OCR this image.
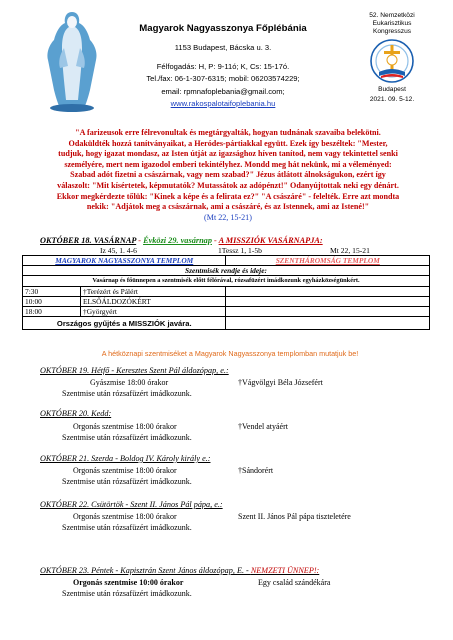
Magyarok Nagyasszonya Főplébánia
1153 Budapest, Bácska u. 3.
Félfogadás: H, P: 9-11ó; K, Cs: 15-17ó.
Tel./fax: 06-1-307-6315; mobil: 06203574229;
email: rpmnafoplebania@gmail.com;
www.rakospalotaifoplebania.hu
52. Nemzetközi
Eukarisztikus
Kongresszus
Budapest
2021. 09. 5-12.
"A farizeusok erre félrevonultak és megtárgyalták, hogyan tudnának szavaiba belekötni. Odaküldték hozzá tanítványaikat, a Heródes-pártiakkal együtt. Ezek így beszéltek: "Mester, tudjuk, hogy igazat mondasz, az Isten útját az igazsághoz híven tanítod, nem vagy tekintettel senki személyére, mert nem igazodol emberi tekintélyhez. Mondd meg hát nekünk, mi a véleményed: Szabad adót fizetni a császárnak, vagy nem szabad?" Jézus átlátott álnokságukon, ezért így válaszolt: "Mit kísértetek, képmutatók? Mutassátok az adópénzt!" Odanyújtottak neki egy dénárt. Ekkor megkérdezte tőlük: "Kinek a képe és a felirata ez?" "A császáré" - felelték. Erre azt mondta nekik: "Adjátok meg a császárnak, ami a császáré, és az Istennek, ami az Istené!"
(Mt 22, 15-21)
OKTÓBER 18. VASÁRNAP - Évközi 29. vasárnap - A MISSZIÓK VASÁRNAPJA:
Iz 45, 1. 4-6	1Tessz 1, 1-5b	Mt 22, 15-21
MAGYAROK NAGYASSZONYA TEMPLOM		SZENTHÁROMSÁG TEMPLOM
Szentmisék rendje és ideje:		
Vasárnap és főünnepen a szentmisék előtt félórával, rózsafüzért imádkozunk egyházközségünkért.		
7:30	†Terézért és Pálért	
10:00	ELSŐÁLDOZÓKÉRT	
18:00	†Györgyért	
Országos gyűjtés a MISSZIÓK javára.		
A hétköznapi szentmiséket a Magyarok Nagyasszonya templomban mutatjuk be!
OKTÓBER 19. Hétfő - Keresztes Szent Pál áldozópap, e.:
Gyászmise 18:00 órakor	†Vágvölgyi Béla Józsefért
Szentmise után rózsafüzért imádkozunk.
OKTÓBER 20. Kedd:
Orgonás szentmise 18:00 órakor	†Vendel atyáért
Szentmise után rózsafüzért imádkozunk.
OKTÓBER 21. Szerda - Boldog IV. Károly király e.:
Orgonás szentmise 18:00 órakor	†Sándorért
Szentmise után rózsafüzért imádkozunk.
OKTÓBER 22. Csütörtök - Szent II. János Pál pápa, e.:
Orgonás szentmise 18:00 órakor	Szent II. János Pál pápa tiszteletére
Szentmise után rózsafüzért imádkozunk.
OKTÓBER 23. Péntek - Kapisztrán Szent János áldozópap, E. - NEMZETI ÜNNEP!:
Orgonás szentmise 10:00 órakor	Egy család szándékára
Szentmise után rózsafüzért imádkozunk.
